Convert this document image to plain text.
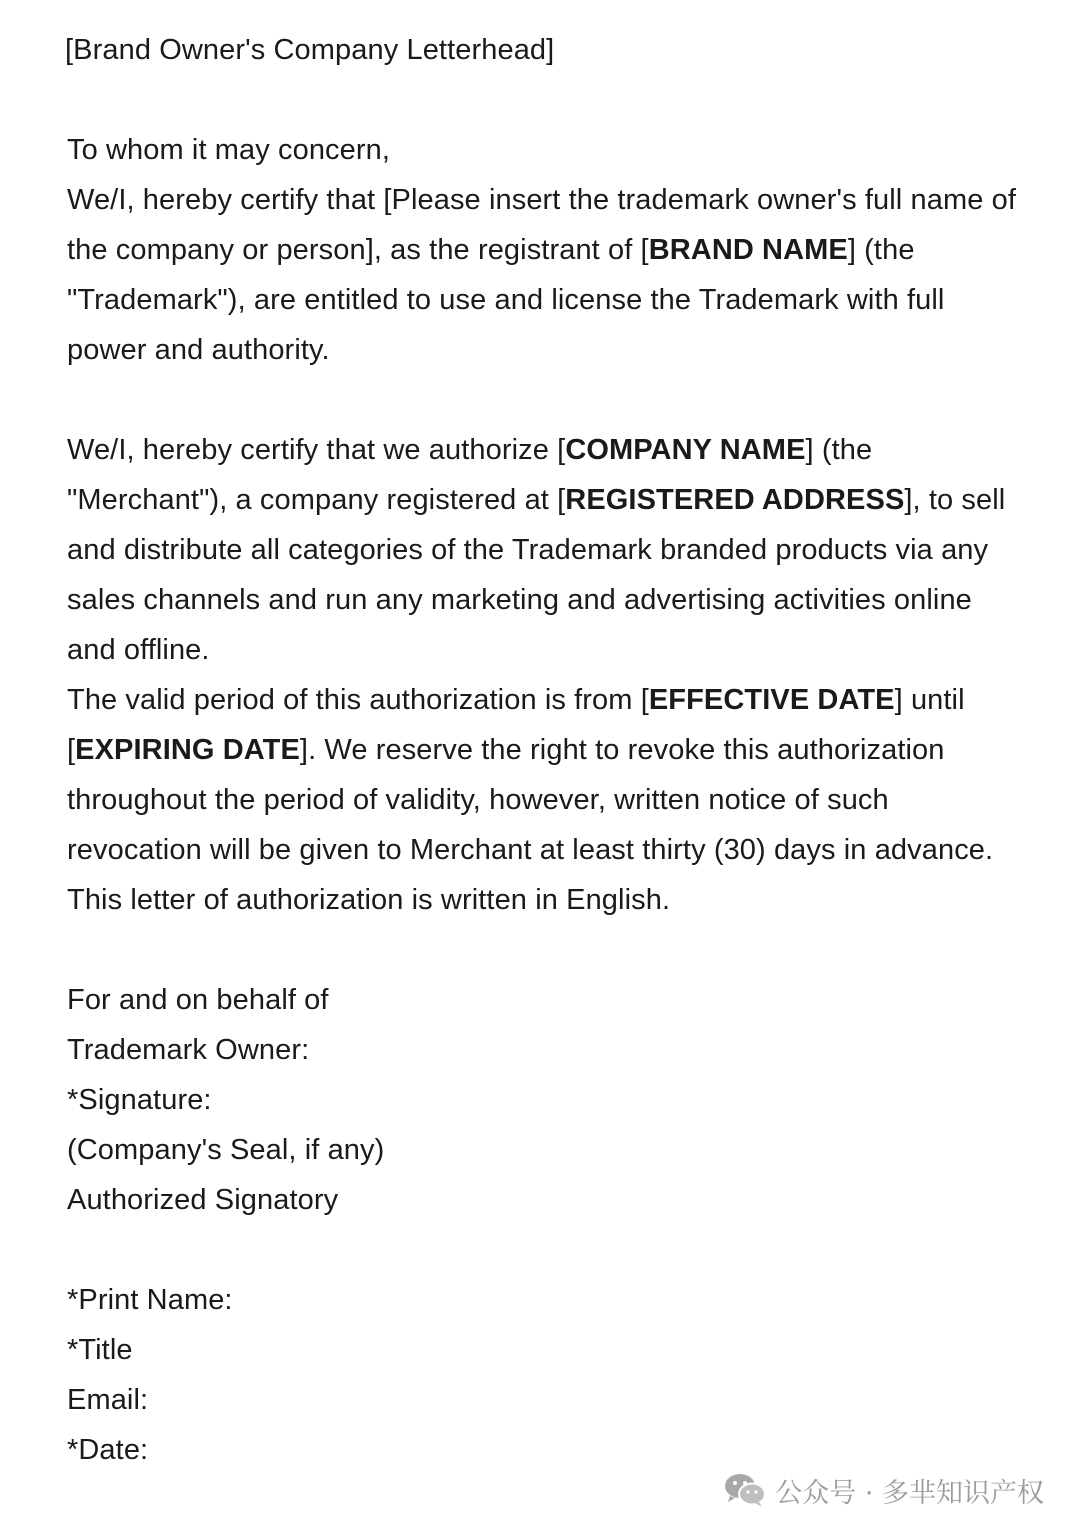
[Brand Owner's Company Letterhead]
To whom it may concern,

We/I, hereby certify that [Please insert the trademark owner's full name of the company or person], as the registrant of [BRAND NAME] (the "Trademark"), are entitled to use and license the Trademark with full power and authority.

We/I, hereby certify that we authorize [COMPANY NAME] (the "Merchant"), a company registered at [REGISTERED ADDRESS], to sell and distribute all categories of the Trademark branded products via any sales channels and run any marketing and advertising activities online and offline.

The valid period of this authorization is from [EFFECTIVE DATE] until [EXPIRING DATE]. We reserve the right to revoke this authorization throughout the period of validity, however, written notice of such revocation will be given to Merchant at least thirty (30) days in advance.

This letter of authorization is written in English.
For and on behalf of
Trademark Owner:
*Signature:
(Company's Seal, if any)
Authorized Signatory
*Print Name:
*Title
Email:
*Date:
公众号 · 多芈知识产权
